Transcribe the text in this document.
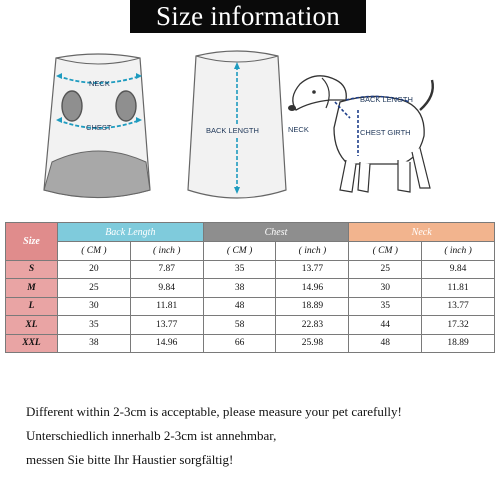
Size information
NECK
CHEST	BACK LENGTH
BACK LENGTH
NECK	CHEST GIRTH
Size	Back Length		Chest		Neck	
	( CM )	( inch )	( CM )	( inch )	( CM )	( inch )
S	20	7.87	35	13.77	25	9.84
M	25	9.84	38	14.96	30	11.81
L	30	11.81	48	18.89	35	13.77
XL	35	13.77	58	22.83	44	17.32
XXL	38	14.96	66	25.98	48	18.89
Different within 2-3cm is acceptable, please measure your pet carefully!
Unterschiedlich innerhalb 2-3cm ist annehmbar,
messen Sie bitte Ihr Haustier sorgfältig!
